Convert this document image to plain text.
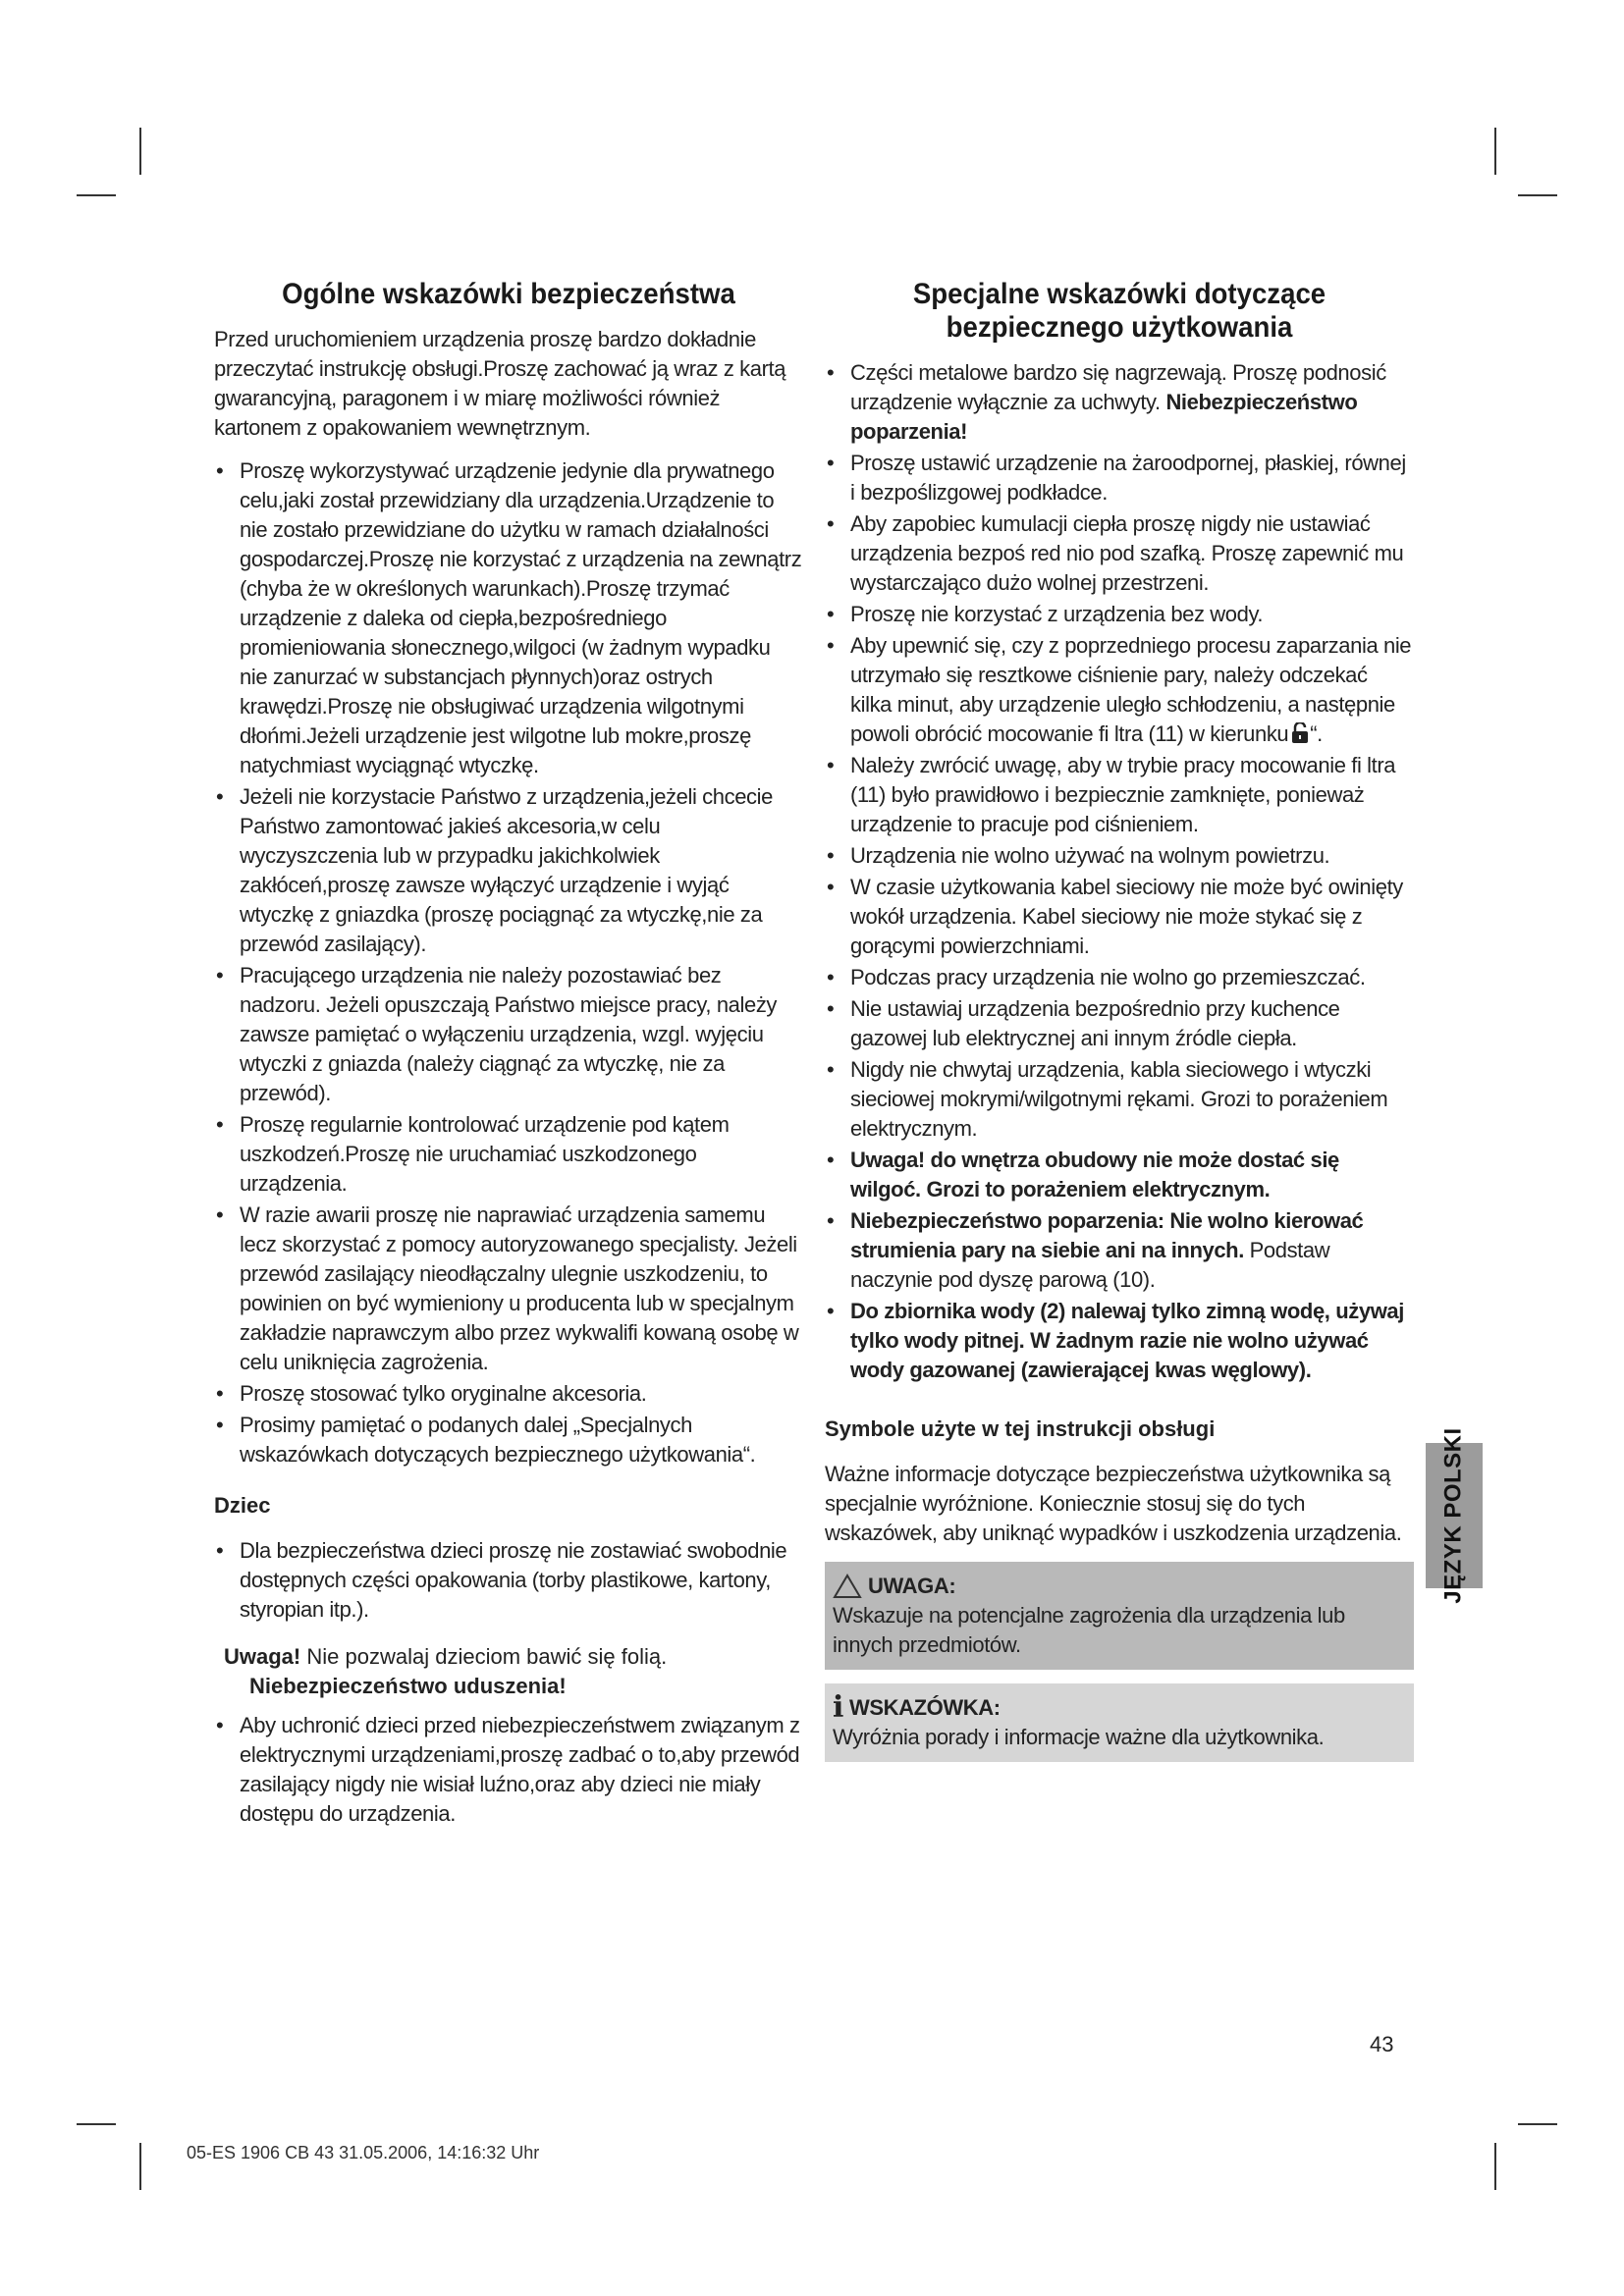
Ogólne wskazówki bezpieczeństwa

Przed uruchomieniem urządzenia proszę bardzo dokładnie przeczytać instrukcję obsługi.Proszę zachować ją wraz z kartą gwarancyjną, paragonem i w miarę możliwości również kartonem z opakowaniem wewnętrznym.

• Proszę wykorzystywać urządzenie jedynie dla prywatnego celu,jaki został przewidziany dla urządzenia.Urządzenie to nie zostało przewidziane do użytku w ramach działalności gospodarczej.Proszę nie korzystać z urządzenia na zewnątrz (chyba że w określonych warunkach).Proszę trzymać urządzenie z daleka od ciepła,bezpośredniego promieniowania słonecznego,wilgoci (w żadnym wypadku nie zanurzać w substancjach płynnych)oraz ostrych krawędzi.Proszę nie obsługiwać urządzenia wilgotnymi dłońmi.Jeżeli urządzenie jest wilgotne lub mokre,proszę natychmiast wyciągnąć wtyczkę.
• Jeżeli nie korzystacie Państwo z urządzenia,jeżeli chcecie Państwo zamontować jakieś akcesoria,w celu wyczyszczenia lub w przypadku jakichkolwiek zakłóceń,proszę zawsze wyłączyć urządzenie i wyjąć wtyczkę z gniazdka (proszę pociągnąć za wtyczkę,nie za przewód zasilający).
• Pracującego urządzenia nie należy pozostawiać bez nadzoru. Jeżeli opuszczają Państwo miejsce pracy, należy zawsze pamiętać o wyłączeniu urządzenia, wzgl. wyjęciu wtyczki z gniazda (należy ciągnąć za wtyczkę, nie za przewód).
• Proszę regularnie kontrolować urządzenie pod kątem uszkodzeń.Proszę nie uruchamiać uszkodzonego urządzenia.
• W razie awarii proszę nie naprawiać urządzenia samemu lecz skorzystać z pomocy autoryzowanego specjalisty. Jeżeli przewód zasilający nieodłączalny ulegnie uszkodzeniu, to powinien on być wymieniony u producenta lub w specjalnym zakładzie naprawczym albo przez wykwalifi kowaną osobę w celu uniknięcia zagrożenia.
• Proszę stosować tylko oryginalne akcesoria.
• Prosimy pamiętać o podanych dalej „Specjalnych wskazówkach dotyczących bezpiecznego użytkowania“.
Dziec
• Dla bezpieczeństwa dzieci proszę nie zostawiać swobodnie dostępnych części opakowania (torby plastikowe, kartony, styropian itp.).
Uwaga! Nie pozwalaj dzieciom bawić się folią.
Niebezpieczeństwo uduszenia!
• Aby uchronić dzieci przed niebezpieczeństwem związanym z elektrycznymi urządzeniami,proszę zadbać o to,aby przewód zasilający nigdy nie wisiał luźno,oraz aby dzieci nie miały dostępu do urządzenia.
Specjalne wskazówki dotyczące
bezpiecznego użytkowania
• Części metalowe bardzo się nagrzewają. Proszę podnosić urządzenie wyłącznie za uchwyty. Niebezpieczeństwo poparzenia!
• Proszę ustawić urządzenie na żaroodpornej, płaskiej, równej i bezpoślizgowej podkładce.
• Aby zapobiec kumulacji ciepła proszę nigdy nie ustawiać urządzenia bezpoś red nio pod szafką. Proszę zapewnić mu wystarczająco dużo wolnej przestrzeni.
• Proszę nie korzystać z urządzenia bez wody.
• Aby upewnić się, czy z poprzedniego procesu zaparzania nie utrzymało się resztkowe ciśnienie pary, należy odczekać kilka minut, aby urządzenie uległo schłodzeniu, a następnie powoli obrócić mocowanie fi ltra (11) w kierunku “.
• Należy zwrócić uwagę, aby w trybie pracy mocowanie fi ltra (11) było prawidłowo i bezpiecznie zamknięte, ponieważ urządzenie to pracuje pod ciśnieniem.
• Urządzenia nie wolno używać na wolnym powietrzu.
• W czasie użytkowania kabel sieciowy nie może być owinięty wokół urządzenia. Kabel sieciowy nie może stykać się z gorącymi powierzchniami.
• Podczas pracy urządzenia nie wolno go przemieszczać.
• Nie ustawiaj urządzenia bezpośrednio przy kuchence gazowej lub elektrycznej ani innym źródle ciepła.
• Nigdy nie chwytaj urządzenia, kabla sieciowego i wtyczki sieciowej mokrymi/wilgotnymi rękami. Grozi to porażeniem elektrycznym.
• Uwaga! do wnętrza obudowy nie może dostać się wilgoć. Grozi to porażeniem elektrycznym.
• Niebezpieczeństwo poparzenia: Nie wolno kierować strumienia pary na siebie ani na innych. Podstaw naczynie pod dyszę parową (10).
• Do zbiornika wody (2) nalewaj tylko zimną wodę, używaj tylko wody pitnej. W żadnym razie nie wolno używać wody gazowanej (zawierającej kwas węglowy).
Symbole użyte w tej instrukcji obsługi

Ważne informacje dotyczące bezpieczeństwa użytkownika są specjalnie wyróżnione. Koniecznie stosuj się do tych wskazówek, aby uniknąć wypadków i uszkodzenia urządzenia.

UWAGA:
Wskazuje na potencjalne zagrożenia dla urządzenia lub innych przedmiotów.
i WSKAZÓWKA:
Wyróżnia porady i informacje ważne dla użytkownika.
JĘZYK POLSKI
43
05-ES 1906 CB 43 31.05.2006, 14:16:32 Uhr
